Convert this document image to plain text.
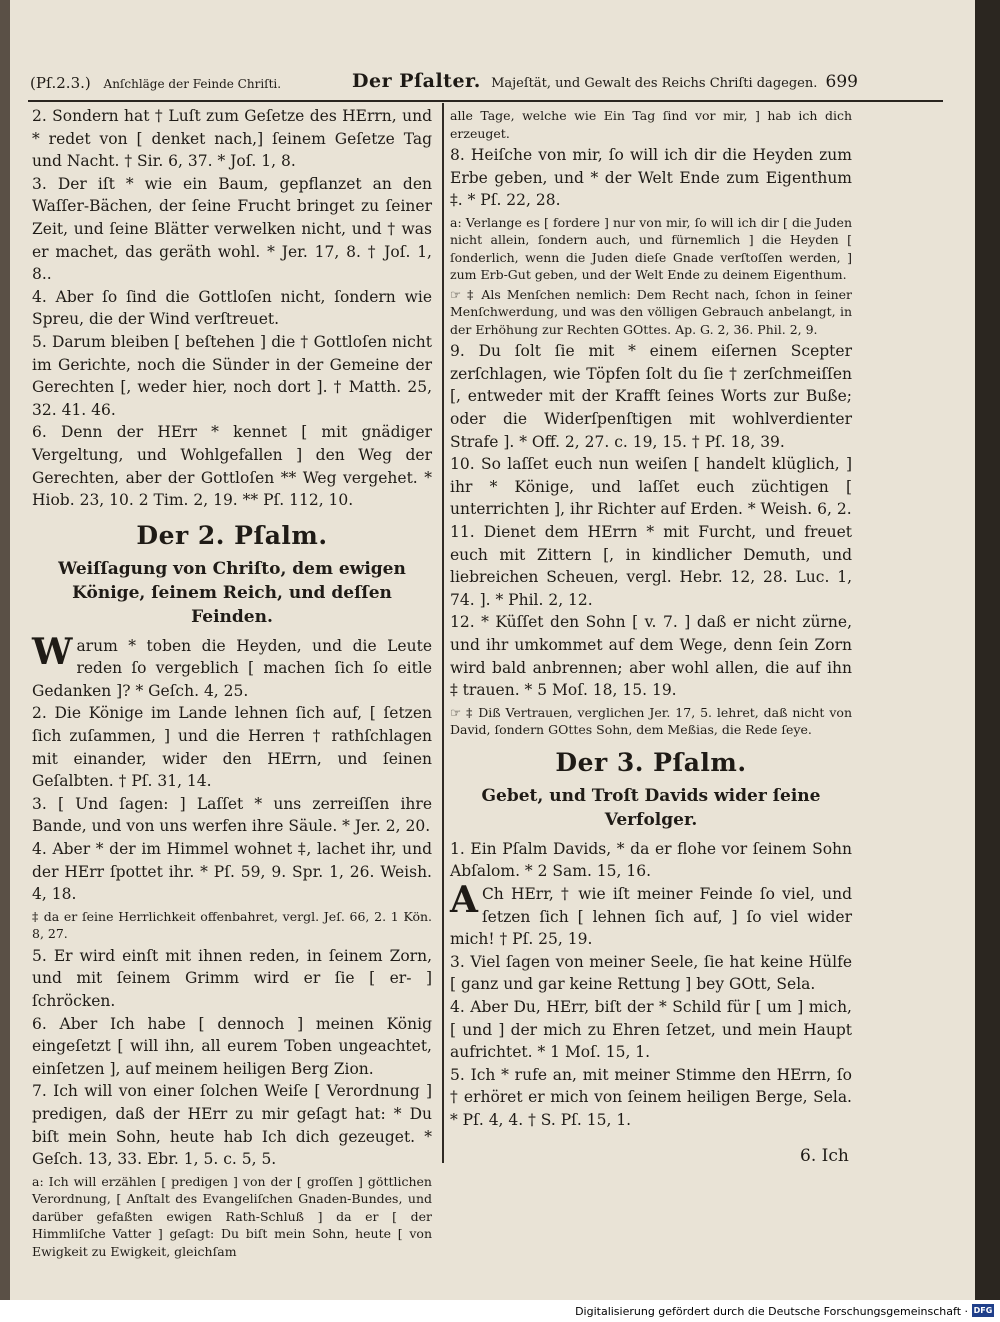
(Pſ.2.3.) Anſchläge der Feinde Chriſti.	Der Pſalter. Majeſtät, und Gewalt des Reichs Chriſti dagegen. 699

2. Sondern hat † Luſt zum Geſetze des HErrn, und * redet von [ denket nach,] ſeinem Geſetze Tag und Nacht. † Sir. 6, 37. * Joſ. 1, 8.

3. Der iſt * wie ein Baum, gepflanzet an den Waſſer-Bächen, der ſeine Frucht bringet zu ſeiner Zeit, und ſeine Blätter verwelken nicht, und † was er machet, das geräth wohl. * Jer. 17, 8. † Joſ. 1, 8..

4. Aber ſo ſind die Gottloſen nicht, ſondern wie Spreu, die der Wind verſtreuet.

5. Darum bleiben [ beſtehen ] die † Gottloſen nicht im Gerichte, noch die Sünder in der Gemeine der Gerechten [, weder hier, noch dort ]. † Matth. 25, 32. 41. 46.

6. Denn der HErr * kennet [ mit gnädiger Vergeltung, und Wohlgefallen ] den Weg der Gerechten, aber der Gottloſen ** Weg vergehet. * Hiob. 23, 10. 2 Tim. 2, 19. ** Pſ. 112, 10.

Der 2. Pſalm.
Weiſſagung von Chriſto, dem ewigen Könige, ſeinem Reich, und deſſen Feinden.

W arum * toben die Heyden, und die Leute reden ſo vergeblich [ machen ſich ſo eitle Gedanken ]? * Geſch. 4, 25.

2. Die Könige im Lande lehnen ſich auf, [ ſetzen ſich zuſammen, ] und die Herren † rathſchlagen mit einander, wider den HErrn, und ſeinen Geſalbten. † Pſ. 31, 14.

3. [ Und ſagen: ] Laſſet * uns zerreiſſen ihre Bande, und von uns werfen ihre Säule. * Jer. 2, 20.

4. Aber * der im Himmel wohnet ‡, lachet ihr, und der HErr ſpottet ihr. * Pſ. 59, 9. Spr. 1, 26. Weish. 4, 18.

‡ da er ſeine Herrlichkeit offenbahret, vergl. Jeſ. 66, 2. 1 Kön. 8, 27.

5. Er wird einſt mit ihnen reden, in ſeinem Zorn, und mit ſeinem Grimm wird er ſie [ er- ] ſchröcken.

6. Aber Ich habe [ dennoch ] meinen König eingeſetzt [ will ihn, all eurem Toben ungeachtet, einſetzen ], auf meinem heiligen Berg Zion.

7. Ich will von einer ſolchen Weiſe [ Verordnung ] predigen, daß der HErr zu mir geſagt hat: * Du biſt mein Sohn, heute hab Ich dich gezeuget. * Geſch. 13, 33. Ebr. 1, 5. c. 5, 5.

a: Ich will erzählen [ predigen ] von der [ groſſen ] göttlichen Verordnung, [ Anſtalt des Evangeliſchen Gnaden-Bundes, und darüber gefaßten ewigen Rath-Schluß ] da er [ der Himmliſche Vatter ] geſagt: Du biſt mein Sohn, heute [ von Ewigkeit zu Ewigkeit, gleichſam

alle Tage, welche wie Ein Tag ſind vor mir, ] hab ich dich erzeuget.

8. Heiſche von mir, ſo will ich dir die Heyden zum Erbe geben, und * der Welt Ende zum Eigenthum ‡. * Pſ. 22, 28.

a: Verlange es [ fordere ] nur von mir, ſo will ich dir [ die Juden nicht allein, ſondern auch, und fürnemlich ] die Heyden [ ſonderlich, wenn die Juden dieſe Gnade verſtoſſen werden, ] zum Erb-Gut geben, und der Welt Ende zu deinem Eigenthum.

☞ ‡ Als Menſchen nemlich: Dem Recht nach, ſchon in ſeiner Menſchwerdung, und was den völligen Gebrauch anbelangt, in der Erhöhung zur Rechten GOttes. Ap. G. 2, 36. Phil. 2, 9.

9. Du ſolt ſie mit * einem eiſernen Scepter zerſchlagen, wie Töpfen ſolt du ſie † zerſchmeiſſen [, entweder mit der Krafft ſeines Worts zur Buße; oder die Widerſpenſtigen mit wohlverdienter Strafe ]. * Off. 2, 27. c. 19, 15. † Pſ. 18, 39.

10. So laſſet euch nun weiſen [ handelt klüglich, ] ihr * Könige, und laſſet euch züchtigen [ unterrichten ], ihr Richter auf Erden. * Weish. 6, 2.

11. Dienet dem HErrn * mit Furcht, und freuet euch mit Zittern [, in kindlicher Demuth, und liebreichen Scheuen, vergl. Hebr. 12, 28. Luc. 1, 74. ]. * Phil. 2, 12.

12. * Küſſet den Sohn [ v. 7. ] daß er nicht zürne, und ihr umkommet auf dem Wege, denn ſein Zorn wird bald anbrennen; aber wohl allen, die auf ihn ‡ trauen. * 5 Moſ. 18, 15. 19.

☞ ‡ Diß Vertrauen, verglichen Jer. 17, 5. lehret, daß nicht von David, ſondern GOttes Sohn, dem Meßias, die Rede ſeye.

Der 3. Pſalm.
Gebet, und Troſt Davids wider ſeine Verfolger.

1. Ein Pſalm Davids, * da er flohe vor ſeinem Sohn Abſalom. * 2 Sam. 15, 16.

A Ch HErr, † wie iſt meiner Feinde ſo viel, und ſetzen ſich [ lehnen ſich auf, ] ſo viel wider mich! † Pſ. 25, 19.

3. Viel ſagen von meiner Seele, ſie hat keine Hülfe [ ganz und gar keine Rettung ] bey GOtt, Sela.

4. Aber Du, HErr, biſt der * Schild für [ um ] mich, [ und ] der mich zu Ehren ſetzet, und mein Haupt aufrichtet. * 1 Moſ. 15, 1.

5. Ich * rufe an, mit meiner Stimme den HErrn, ſo † erhöret er mich von ſeinem heiligen Berge, Sela. * Pſ. 4, 4. † S. Pſ. 15, 1.

6. Ich
Digitalisierung gefördert durch die Deutsche Forschungsgemeinschaft · DFG
